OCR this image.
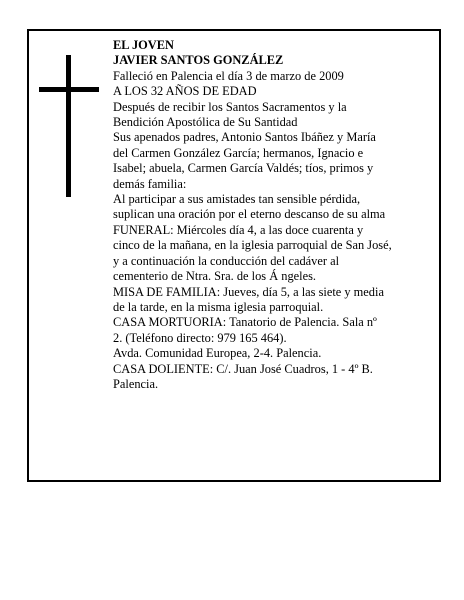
EL JOVEN
JAVIER SANTOS GONZÁLEZ

Falleció en Palencia el día 3 de marzo de 2009

A LOS 32 AÑOS DE EDAD

Después de recibir los Santos Sacramentos y la
Bendición Apostólica de Su Santidad

Sus apenados padres, Antonio Santos Ibáñez y María
del Carmen González García; hermanos, Ignacio e
Isabel; abuela, Carmen García Valdés; tíos, primos y
demás familia:

Al participar a sus amistades tan sensible pérdida,
suplican una oración por el eterno descanso de su alma

FUNERAL: Miércoles día 4, a las doce cuarenta y
cinco de la mañana, en la iglesia parroquial de San José,
y a continuación la conducción del cadáver al
cementerio de Ntra. Sra. de los Á ngeles.

MISA DE FAMILIA: Jueves, día 5, a las siete y media
de la tarde, en la misma iglesia parroquial.

CASA MORTUORIA: Tanatorio de Palencia. Sala nº
2. (Teléfono directo: 979 165 464).

Avda. Comunidad Europea, 2-4. Palencia.

CASA DOLIENTE: C/. Juan José Cuadros, 1 - 4º B.
Palencia.
